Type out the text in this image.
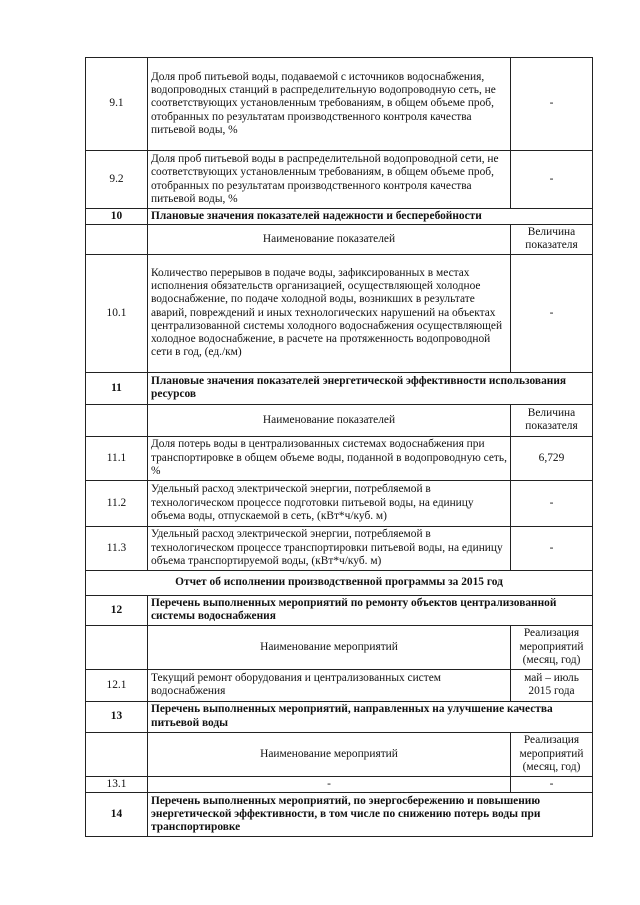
9.1	Доля проб питьевой воды, подаваемой с источников водоснабжения, водопроводных станций в распределительную водопроводную сеть, не соответствующих установленным требованиям, в общем объеме проб, отобранных по результатам производственного контроля качества питьевой воды, %	-
9.2	Доля проб питьевой воды в распределительной водопроводной сети, не соответствующих установленным требованиям, в общем объеме проб, отобранных по результатам производственного контроля качества питьевой воды, %	-
10	Плановые значения показателей надежности и бесперебойности	
	Наименование показателей	Величина показателя
10.1	Количество перерывов в подаче воды, зафиксированных в местах исполнения обязательств организацией, осуществляющей холодное водоснабжение, по подаче холодной воды, возникших в результате аварий, повреждений и иных технологических нарушений на объектах централизованной системы холодного водоснабжения осуществляющей холодное водоснабжение, в расчете на протяженность водопроводной сети в год, (ед./км)	-
11	Плановые значения показателей энергетической эффективности использования ресурсов	
	Наименование показателей	Величина показателя
11.1	Доля потерь воды в централизованных системах водоснабжения при транспортировке в общем объеме воды, поданной в водопроводную сеть, %	6,729
11.2	Удельный расход электрической энергии, потребляемой в технологическом процессе подготовки питьевой воды, на единицу объема воды, отпускаемой в сеть, (кВт*ч/куб. м)	-
11.3	Удельный расход электрической энергии, потребляемой в технологическом процессе транспортировки питьевой воды, на единицу объема транспортируемой воды, (кВт*ч/куб. м)	-
Отчет об исполнении производственной программы за 2015 год		
12	Перечень выполненных мероприятий по ремонту объектов централизованной системы водоснабжения	
	Наименование мероприятий	Реализация мероприятий (месяц, год)
12.1	Текущий ремонт оборудования и централизованных систем водоснабжения	май – июль 2015 года
13	Перечень выполненных мероприятий, направленных на улучшение качества питьевой воды	
	Наименование мероприятий	Реализация мероприятий (месяц, год)
13.1	-	-
14	Перечень выполненных мероприятий, по энергосбережению и повышению энергетической эффективности, в том числе по снижению потерь воды при транспортировке	
